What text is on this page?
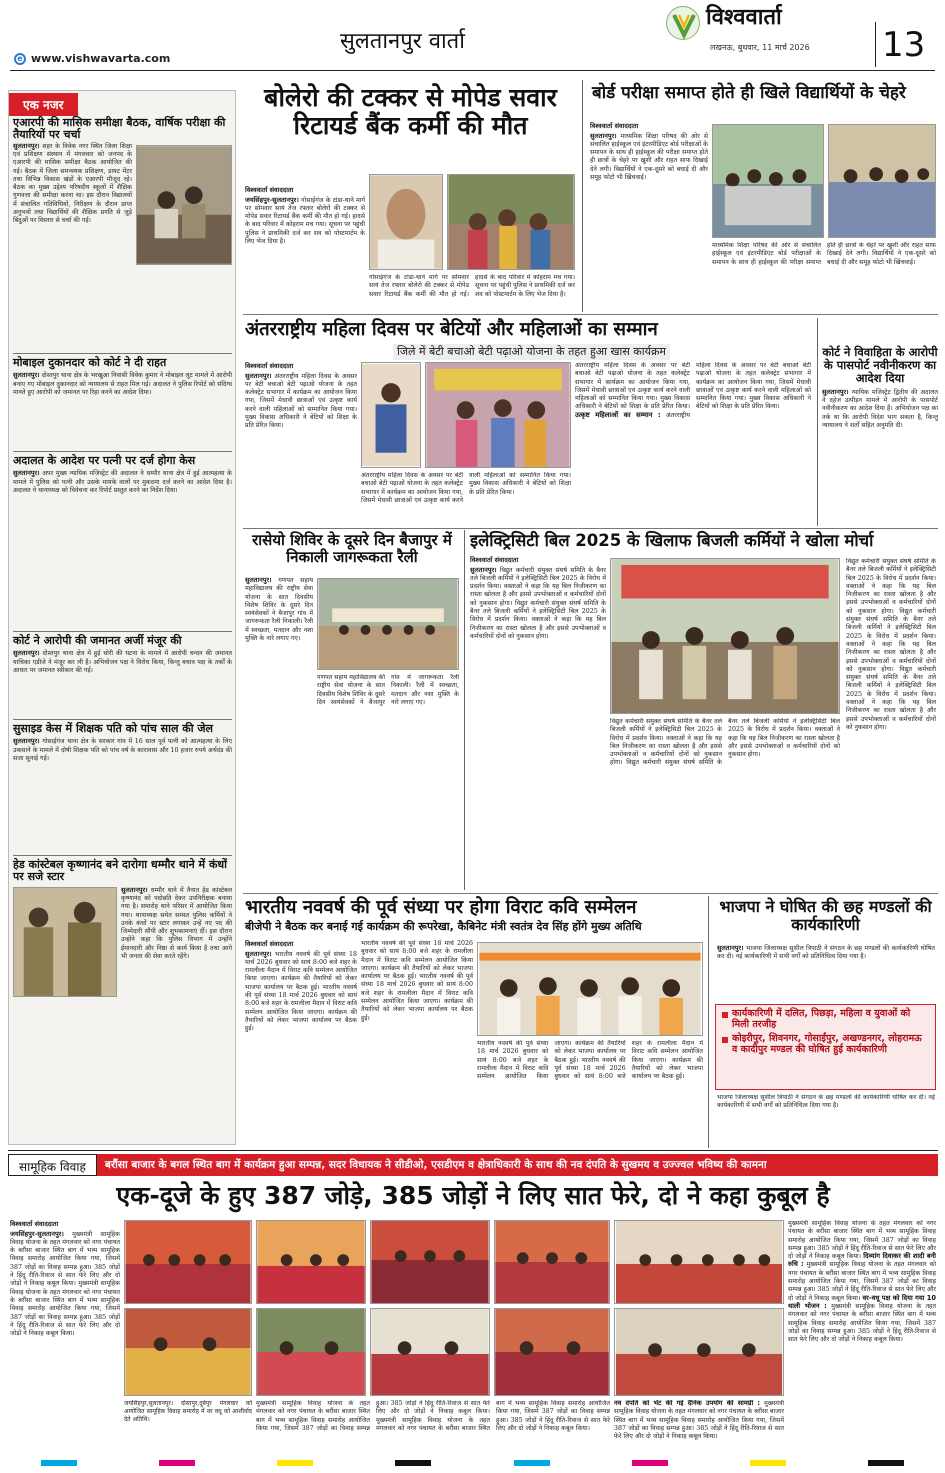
सुलतानपुर वार्ता
e www.vishwavarta.com
विश्ववार्ता
लखनऊ, बुधवार, 11 मार्च 2026 13
एक नजर
एआरपी की मासिक समीक्षा बैठक, वार्षिक परीक्षा की तैयारियों पर चर्चा
सुलतानपुर। शहर के विवेक नगर स्थित जिला शिक्षा एवं प्रशिक्षण संस्थान में मंगलवार को जनपद के एआरपी की मासिक समीक्षा बैठक आयोजित की गई। बैठक में जिला समन्वयक प्रशिक्षण, डायट मेंटर तथा विभिन्न विकास खंडों के एआरपी मौजूद रहे। बैठक का मुख्य उद्देश्य परिषदीय स्कूलों में शैक्षिक गुणवत्ता की समीक्षा करना था। इस दौरान विद्यालयों में संचालित गतिविधियों, निरीक्षण के दौरान प्राप्त अनुभवों तथा विद्यार्थियों की शैक्षिक प्रगति से जुड़े बिंदुओं पर विस्तार से चर्चा की गई।
मोबाइल दुकानदार को कोर्ट ने दी राहत
सुलतानपुर। दोस्तपुर थाना क्षेत्र के भरखुआ निवासी विवेक कुमार ने मोबाइल लूट मामले में आरोपी बनाए गए मोबाइल दुकानदार को न्यायालय से राहत मिल गई। अदालत ने पुलिस रिपोर्ट को संदिग्ध मानते हुए आरोपी को जमानत पर रिहा करने का आदेश दिया।
अदालत के आदेश पर पत्नी पर दर्ज होगा केस
सुलतानपुर। अपर मुख्य न्यायिक मजिस्ट्रेट की अदालत ने धम्मौर थाना क्षेत्र में हुई आत्महत्या के मामले में पुलिस को पत्नी और उसके मायके वालों पर मुकदमा दर्ज करने का आदेश दिया है। अदालत ने थानाध्यक्ष को विवेचना कर रिपोर्ट प्रस्तुत करने का निर्देश दिया।
कोर्ट ने आरोपी की जमानत अर्जी मंजूर की
सुलतानपुर। दोस्तपुर थाना क्षेत्र में हुई चोरी की घटना के मामले में आरोपी चन्दन की जमानत याचिका एडीजे ने मंजूर कर ली है। अभियोजन पक्ष ने विरोध किया, किन्तु बचाव पक्ष के तर्कों के आधार पर जमानत स्वीकार की गई।
सुसाइड केस में शिक्षक पति को पांच साल की जेल
सुलतानपुर। गोसाईगंज थाना क्षेत्र के सरकार गांव में 16 साल पूर्व पत्नी को आत्महत्या के लिए उकसाने के मामले में दोषी शिक्षक पति को पांच वर्ष के कारावास और 10 हजार रुपये अर्थदंड की सजा सुनाई गई।
हेड कांस्टेबल कृष्णानंद बने दारोगा धम्मौर थाने में कंधों पर सजे स्टार
सुलतानपुर। धम्मौर थाने में तैनात हेड कांस्टेबल कृष्णानंद को पदोन्नति देकर उपनिरीक्षक बनाया गया है। समारोह थाने परिसर में आयोजित किया गया। थानाध्यक्ष समेत समस्त पुलिस कर्मियों ने उनके कंधों पर स्टार लगाकर उन्हें नए पद की जिम्मेदारी सौंपी और शुभकामनाएं दीं। इस दौरान उन्होंने कहा कि पुलिस विभाग में उन्होंने ईमानदारी और निष्ठा से कार्य किया है तथा आगे भी जनता की सेवा करते रहेंगे।
बोलेरो की टक्कर से मोपेड सवार रिटायर्ड बैंक कर्मी की मौत
विश्ववार्ता संवाददाता
जयसिंहपुर-सुलतानपुर। गोसाईगंज के टांडा-थाने मार्ग पर सोमवार सायं तेज रफ्तार बोलेरो की टक्कर से मोपेड सवार रिटायर्ड बैंक कर्मी की मौत हो गई। हादसे के बाद परिवार में कोहराम मच गया। सूचना पर पहुंची पुलिस ने प्राथमिकी दर्ज कर शव को पोस्टमार्टम के लिए भेज दिया है।
गोसाईगंज के टांडा-थाने मार्ग पर सोमवार सायं तेज रफ्तार बोलेरो की टक्कर से मोपेड सवार रिटायर्ड बैंक कर्मी की मौत हो गई। हादसे के बाद परिवार में कोहराम मच गया। सूचना पर पहुंची पुलिस ने प्राथमिकी दर्ज कर शव को पोस्टमार्टम के लिए भेज दिया है।
बोर्ड परीक्षा समाप्त होते ही खिले विद्यार्थियों के चेहरे
विश्ववार्ता संवाददाता
सुलतानपुर। माध्यमिक शिक्षा परिषद की ओर से संचालित हाईस्कूल एवं इंटरमीडिएट बोर्ड परीक्षाओं के समापन के साथ ही हाईस्कूल की परीक्षा समाप्त होते ही छात्रों के चेहरे पर खुशी और राहत साफ दिखाई देने लगी। विद्यार्थियों ने एक-दूसरे को बधाई दी और समूह फोटो भी खिंचवाई।
माध्यमिक शिक्षा परिषद की ओर से संचालित हाईस्कूल एवं इंटरमीडिएट बोर्ड परीक्षाओं के समापन के साथ ही हाईस्कूल की परीक्षा समाप्त होते ही छात्रों के चेहरे पर खुशी और राहत साफ दिखाई देने लगी। विद्यार्थियों ने एक-दूसरे को बधाई दी और समूह फोटो भी खिंचवाई।
अंतरराष्ट्रीय महिला दिवस पर बेटियों और महिलाओं का सम्मान
जिले में बेटी बचाओ बेटी पढ़ाओ योजना के तहत हुआ खास कार्यक्रम
विश्ववार्ता संवाददाता
सुलतानपुर। अंतरराष्ट्रीय महिला दिवस के अवसर पर बेटी बचाओ बेटी पढ़ाओ योजना के तहत कलेक्ट्रेट सभागार में कार्यक्रम का आयोजन किया गया, जिसमें मेधावी छात्राओं एवं उत्कृष्ट कार्य करने वाली महिलाओं को सम्मानित किया गया। मुख्य विकास अधिकारी ने बेटियों को शिक्षा के प्रति प्रेरित किया।
अंतरराष्ट्रीय महिला दिवस के अवसर पर बेटी बचाओ बेटी पढ़ाओ योजना के तहत कलेक्ट्रेट सभागार में कार्यक्रम का आयोजन किया गया, जिसमें मेधावी छात्राओं एवं उत्कृष्ट कार्य करने वाली महिलाओं को सम्मानित किया गया। मुख्य विकास अधिकारी ने बेटियों को शिक्षा के प्रति प्रेरित किया।
अंतरराष्ट्रीय महिला दिवस के अवसर पर बेटी बचाओ बेटी पढ़ाओ योजना के तहत कलेक्ट्रेट सभागार में कार्यक्रम का आयोजन किया गया, जिसमें मेधावी छात्राओं एवं उत्कृष्ट कार्य करने वाली महिलाओं को सम्मानित किया गया। मुख्य विकास अधिकारी ने बेटियों को शिक्षा के प्रति प्रेरित किया। उत्कृष्ट महिलाओं का सम्मान : अंतरराष्ट्रीय महिला दिवस के अवसर पर बेटी बचाओ बेटी पढ़ाओ योजना के तहत कलेक्ट्रेट सभागार में कार्यक्रम का आयोजन किया गया, जिसमें मेधावी छात्राओं एवं उत्कृष्ट कार्य करने वाली महिलाओं को सम्मानित किया गया। मुख्य विकास अधिकारी ने बेटियों को शिक्षा के प्रति प्रेरित किया।
कोर्ट ने विवाहिता के आरोपी के पासपोर्ट नवीनीकरण का आदेश दिया
सुलतानपुर। न्यायिक मजिस्ट्रेट द्वितीय की अदालत ने दहेज उत्पीड़न मामले में आरोपी के पासपोर्ट नवीनीकरण का आदेश दिया है। अभियोजन पक्ष का तर्क था कि आरोपी विदेश भाग सकता है, किन्तु न्यायालय ने शर्तों सहित अनुमति दी।
रासेयो शिविर के दूसरे दिन बैजापुर में निकाली जागरूकता रैली
सुलतानपुर। गणपत सहाय महाविद्यालय की राष्ट्रीय सेवा योजना के सात दिवसीय विशेष शिविर के दूसरे दिन स्वयंसेवकों ने बैजापुर गांव में जागरूकता रैली निकाली। रैली में स्वच्छता, मतदान और नशा मुक्ति के नारे लगाए गए।
गणपत सहाय महाविद्यालय की राष्ट्रीय सेवा योजना के सात दिवसीय विशेष शिविर के दूसरे दिन स्वयंसेवकों ने बैजापुर गांव में जागरूकता रैली निकाली। रैली में स्वच्छता, मतदान और नशा मुक्ति के नारे लगाए गए।
इलेक्ट्रिसिटी बिल 2025 के खिलाफ बिजली कर्मियों ने खोला मोर्चा
विश्ववार्ता संवाददाता
सुलतानपुर। विद्युत कर्मचारी संयुक्त संघर्ष समिति के बैनर तले बिजली कर्मियों ने इलेक्ट्रिसिटी बिल 2025 के विरोध में प्रदर्शन किया। वक्ताओं ने कहा कि यह बिल निजीकरण का रास्ता खोलता है और इससे उपभोक्ताओं व कर्मचारियों दोनों को नुकसान होगा। विद्युत कर्मचारी संयुक्त संघर्ष समिति के बैनर तले बिजली कर्मियों ने इलेक्ट्रिसिटी बिल 2025 के विरोध में प्रदर्शन किया। वक्ताओं ने कहा कि यह बिल निजीकरण का रास्ता खोलता है और इससे उपभोक्ताओं व कर्मचारियों दोनों को नुकसान होगा।
विद्युत कर्मचारी संयुक्त संघर्ष समिति के बैनर तले बिजली कर्मियों ने इलेक्ट्रिसिटी बिल 2025 के विरोध में प्रदर्शन किया। वक्ताओं ने कहा कि यह बिल निजीकरण का रास्ता खोलता है और इससे उपभोक्ताओं व कर्मचारियों दोनों को नुकसान होगा। विद्युत कर्मचारी संयुक्त संघर्ष समिति के बैनर तले बिजली कर्मियों ने इलेक्ट्रिसिटी बिल 2025 के विरोध में प्रदर्शन किया। वक्ताओं ने कहा कि यह बिल निजीकरण का रास्ता खोलता है और इससे उपभोक्ताओं व कर्मचारियों दोनों को नुकसान होगा।
विद्युत कर्मचारी संयुक्त संघर्ष समिति के बैनर तले बिजली कर्मियों ने इलेक्ट्रिसिटी बिल 2025 के विरोध में प्रदर्शन किया। वक्ताओं ने कहा कि यह बिल निजीकरण का रास्ता खोलता है और इससे उपभोक्ताओं व कर्मचारियों दोनों को नुकसान होगा। विद्युत कर्मचारी संयुक्त संघर्ष समिति के बैनर तले बिजली कर्मियों ने इलेक्ट्रिसिटी बिल 2025 के विरोध में प्रदर्शन किया। वक्ताओं ने कहा कि यह बिल निजीकरण का रास्ता खोलता है और इससे उपभोक्ताओं व कर्मचारियों दोनों को नुकसान होगा। विद्युत कर्मचारी संयुक्त संघर्ष समिति के बैनर तले बिजली कर्मियों ने इलेक्ट्रिसिटी बिल 2025 के विरोध में प्रदर्शन किया। वक्ताओं ने कहा कि यह बिल निजीकरण का रास्ता खोलता है और इससे उपभोक्ताओं व कर्मचारियों दोनों को नुकसान होगा।
भारतीय नववर्ष की पूर्व संध्या पर होगा विराट कवि सम्मेलन
बीजेपी ने बैठक कर बनाई गई कार्यक्रम की रूपरेखा, कैबिनेट मंत्री स्वतंत्र देव सिंह होंगे मुख्य अतिथि
विश्ववार्ता संवाददाता
सुलतानपुर। भारतीय नववर्ष की पूर्व संध्या 18 मार्च 2026 बुधवार को सायं 8:00 बजे शहर के रामलीला मैदान में विराट कवि सम्मेलन आयोजित किया जाएगा। कार्यक्रम की तैयारियों को लेकर भाजपा कार्यालय पर बैठक हुई। भारतीय नववर्ष की पूर्व संध्या 18 मार्च 2026 बुधवार को सायं 8:00 बजे शहर के रामलीला मैदान में विराट कवि सम्मेलन आयोजित किया जाएगा। कार्यक्रम की तैयारियों को लेकर भाजपा कार्यालय पर बैठक हुई।
भारतीय नववर्ष की पूर्व संध्या 18 मार्च 2026 बुधवार को सायं 8:00 बजे शहर के रामलीला मैदान में विराट कवि सम्मेलन आयोजित किया जाएगा। कार्यक्रम की तैयारियों को लेकर भाजपा कार्यालय पर बैठक हुई। भारतीय नववर्ष की पूर्व संध्या 18 मार्च 2026 बुधवार को सायं 8:00 बजे शहर के रामलीला मैदान में विराट कवि सम्मेलन आयोजित किया जाएगा। कार्यक्रम की तैयारियों को लेकर भाजपा कार्यालय पर बैठक हुई।
भारतीय नववर्ष की पूर्व संध्या 18 मार्च 2026 बुधवार को सायं 8:00 बजे शहर के रामलीला मैदान में विराट कवि सम्मेलन आयोजित किया जाएगा। कार्यक्रम की तैयारियों को लेकर भाजपा कार्यालय पर बैठक हुई। भारतीय नववर्ष की पूर्व संध्या 18 मार्च 2026 बुधवार को सायं 8:00 बजे शहर के रामलीला मैदान में विराट कवि सम्मेलन आयोजित किया जाएगा। कार्यक्रम की तैयारियों को लेकर भाजपा कार्यालय पर बैठक हुई।
भाजपा ने घोषित की छह मण्डलों की कार्यकारिणी
सुलतानपुर। भाजपा जिलाध्यक्ष सुशील त्रिपाठी ने संगठन के छह मण्डलों की कार्यकारिणी घोषित कर दी। नई कार्यकारिणी में सभी वर्गों को प्रतिनिधित्व दिया गया है।
कार्यकारिणी में दलित, पिछड़ा, महिला व युवाओं को मिली तरजीह
कोइरीपुर, शिवनगर, गोसाईंपुर, अखण्डनगर, लोहरामऊ व कादीपुर मण्डल की घोषित हुई कार्यकारिणी
भाजपा जिलाध्यक्ष सुशील त्रिपाठी ने संगठन के छह मण्डलों की कार्यकारिणी घोषित कर दी। नई कार्यकारिणी में सभी वर्गों को प्रतिनिधित्व दिया गया है।
सामूहिक विवाह	बरौंसा बाजार के बगल स्थित बाग में कार्यक्रम हुआ सम्पन्न, सदर विधायक ने सीडीओ, एसडीएम व क्षेत्राधिकारी के साथ की नव दंपति के सुखमय व उज्ज्वल भविष्य की कामना
एक-दूजे के हुए 387 जोड़े, 385 जोड़ों ने लिए सात फेरे, दो ने कहा कुबूल है
विश्ववार्ता संवाददाता
जयसिंहपुर-सुलतानपुर। मुख्यमंत्री सामूहिक विवाह योजना के तहत मंगलवार को नगर पंचायत के बरौंसा बाजार स्थित बाग में भव्य सामूहिक विवाह समारोह आयोजित किया गया, जिसमें 387 जोड़ों का विवाह सम्पन्न हुआ। 385 जोड़ों ने हिंदू रीति-रिवाज से सात फेरे लिए और दो जोड़ों ने निकाह कबूल किया। मुख्यमंत्री सामूहिक विवाह योजना के तहत मंगलवार को नगर पंचायत के बरौंसा बाजार स्थित बाग में भव्य सामूहिक विवाह समारोह आयोजित किया गया, जिसमें 387 जोड़ों का विवाह सम्पन्न हुआ। 385 जोड़ों ने हिंदू रीति-रिवाज से सात फेरे लिए और दो जोड़ों ने निकाह कबूल किया।
जयसिंहपुर,सुलतानपुर। दोस्तपुर,दूबेपुर मंगलवार को आयोजित सामूहिक विवाह समारोह में वर वधू को आशीर्वाद देते अतिथि।
मुख्यमंत्री सामूहिक विवाह योजना के तहत मंगलवार को नगर पंचायत के बरौंसा बाजार स्थित बाग में भव्य सामूहिक विवाह समारोह आयोजित किया गया, जिसमें 387 जोड़ों का विवाह सम्पन्न हुआ। 385 जोड़ों ने हिंदू रीति-रिवाज से सात फेरे लिए और दो जोड़ों ने निकाह कबूल किया। मुख्यमंत्री सामूहिक विवाह योजना के तहत मंगलवार को नगर पंचायत के बरौंसा बाजार स्थित बाग में भव्य सामूहिक विवाह समारोह आयोजित किया गया, जिसमें 387 जोड़ों का विवाह सम्पन्न हुआ। 385 जोड़ों ने हिंदू रीति-रिवाज से सात फेरे लिए और दो जोड़ों ने निकाह कबूल किया।
नव दंपति को भेंट की गई दैनिक उपयोग की सामग्री : मुख्यमंत्री सामूहिक विवाह योजना के तहत मंगलवार को नगर पंचायत के बरौंसा बाजार स्थित बाग में भव्य सामूहिक विवाह समारोह आयोजित किया गया, जिसमें 387 जोड़ों का विवाह सम्पन्न हुआ। 385 जोड़ों ने हिंदू रीति-रिवाज से सात फेरे लिए और दो जोड़ों ने निकाह कबूल किया।
मुख्यमंत्री सामूहिक विवाह योजना के तहत मंगलवार को नगर पंचायत के बरौंसा बाजार स्थित बाग में भव्य सामूहिक विवाह समारोह आयोजित किया गया, जिसमें 387 जोड़ों का विवाह सम्पन्न हुआ। 385 जोड़ों ने हिंदू रीति-रिवाज से सात फेरे लिए और दो जोड़ों ने निकाह कबूल किया। दिव्यांग दिवाकर की शादी बनी रुचि : मुख्यमंत्री सामूहिक विवाह योजना के तहत मंगलवार को नगर पंचायत के बरौंसा बाजार स्थित बाग में भव्य सामूहिक विवाह समारोह आयोजित किया गया, जिसमें 387 जोड़ों का विवाह सम्पन्न हुआ। 385 जोड़ों ने हिंदू रीति-रिवाज से सात फेरे लिए और दो जोड़ों ने निकाह कबूल किया। वर-वधू पक्ष को दिया गया 10 थाली भोजन : मुख्यमंत्री सामूहिक विवाह योजना के तहत मंगलवार को नगर पंचायत के बरौंसा बाजार स्थित बाग में भव्य सामूहिक विवाह समारोह आयोजित किया गया, जिसमें 387 जोड़ों का विवाह सम्पन्न हुआ। 385 जोड़ों ने हिंदू रीति-रिवाज से सात फेरे लिए और दो जोड़ों ने निकाह कबूल किया।
